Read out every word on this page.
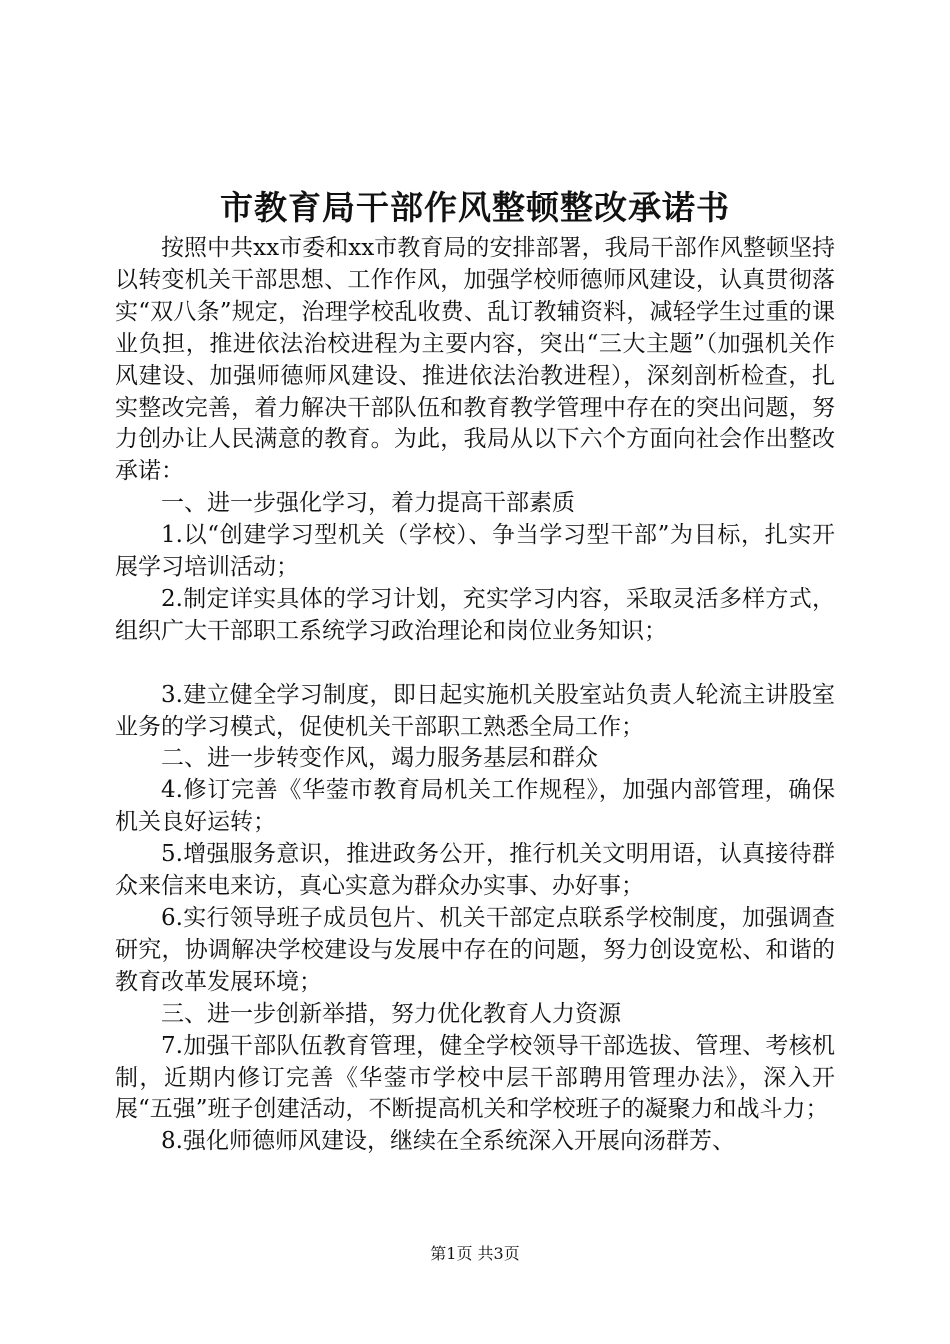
市教育局干部作风整顿整改承诺书

按照中共xx市委和xx市教育局的安排部署，我局干部作风整顿坚持以转变机关干部思想、工作作风，加强学校师德师风建设，认真贯彻落实“双八条”规定，治理学校乱收费、乱订教辅资料，减轻学生过重的课业负担，推进依法治校进程为主要内容，突出“三大主题”（加强机关作风建设、加强师德师风建设、推进依法治教进程），深刻剖析检查，扎实整改完善，着力解决干部队伍和教育教学管理中存在的突出问题，努力创办让人民满意的教育。为此，我局从以下六个方面向社会作出整改承诺：

一、进一步强化学习，着力提高干部素质

1.以“创建学习型机关（学校）、争当学习型干部”为目标，扎实开展学习培训活动；

2.制定详实具体的学习计划，充实学习内容，采取灵活多样方式，组织广大干部职工系统学习政治理论和岗位业务知识；

3.建立健全学习制度，即日起实施机关股室站负责人轮流主讲股室业务的学习模式，促使机关干部职工熟悉全局工作；

二、进一步转变作风，竭力服务基层和群众

4.修订完善《华蓥市教育局机关工作规程》，加强内部管理，确保机关良好运转；

5.增强服务意识，推进政务公开，推行机关文明用语，认真接待群众来信来电来访，真心实意为群众办实事、办好事；

6.实行领导班子成员包片、机关干部定点联系学校制度，加强调查研究，协调解决学校建设与发展中存在的问题，努力创设宽松、和谐的教育改革发展环境；

三、进一步创新举措，努力优化教育人力资源

7.加强干部队伍教育管理，健全学校领导干部选拔、管理、考核机制，近期内修订完善《华蓥市学校中层干部聘用管理办法》，深入开展“五强”班子创建活动，不断提高机关和学校班子的凝聚力和战斗力；

8.强化师德师风建设，继续在全系统深入开展向汤群芳、

第1页 共3页
